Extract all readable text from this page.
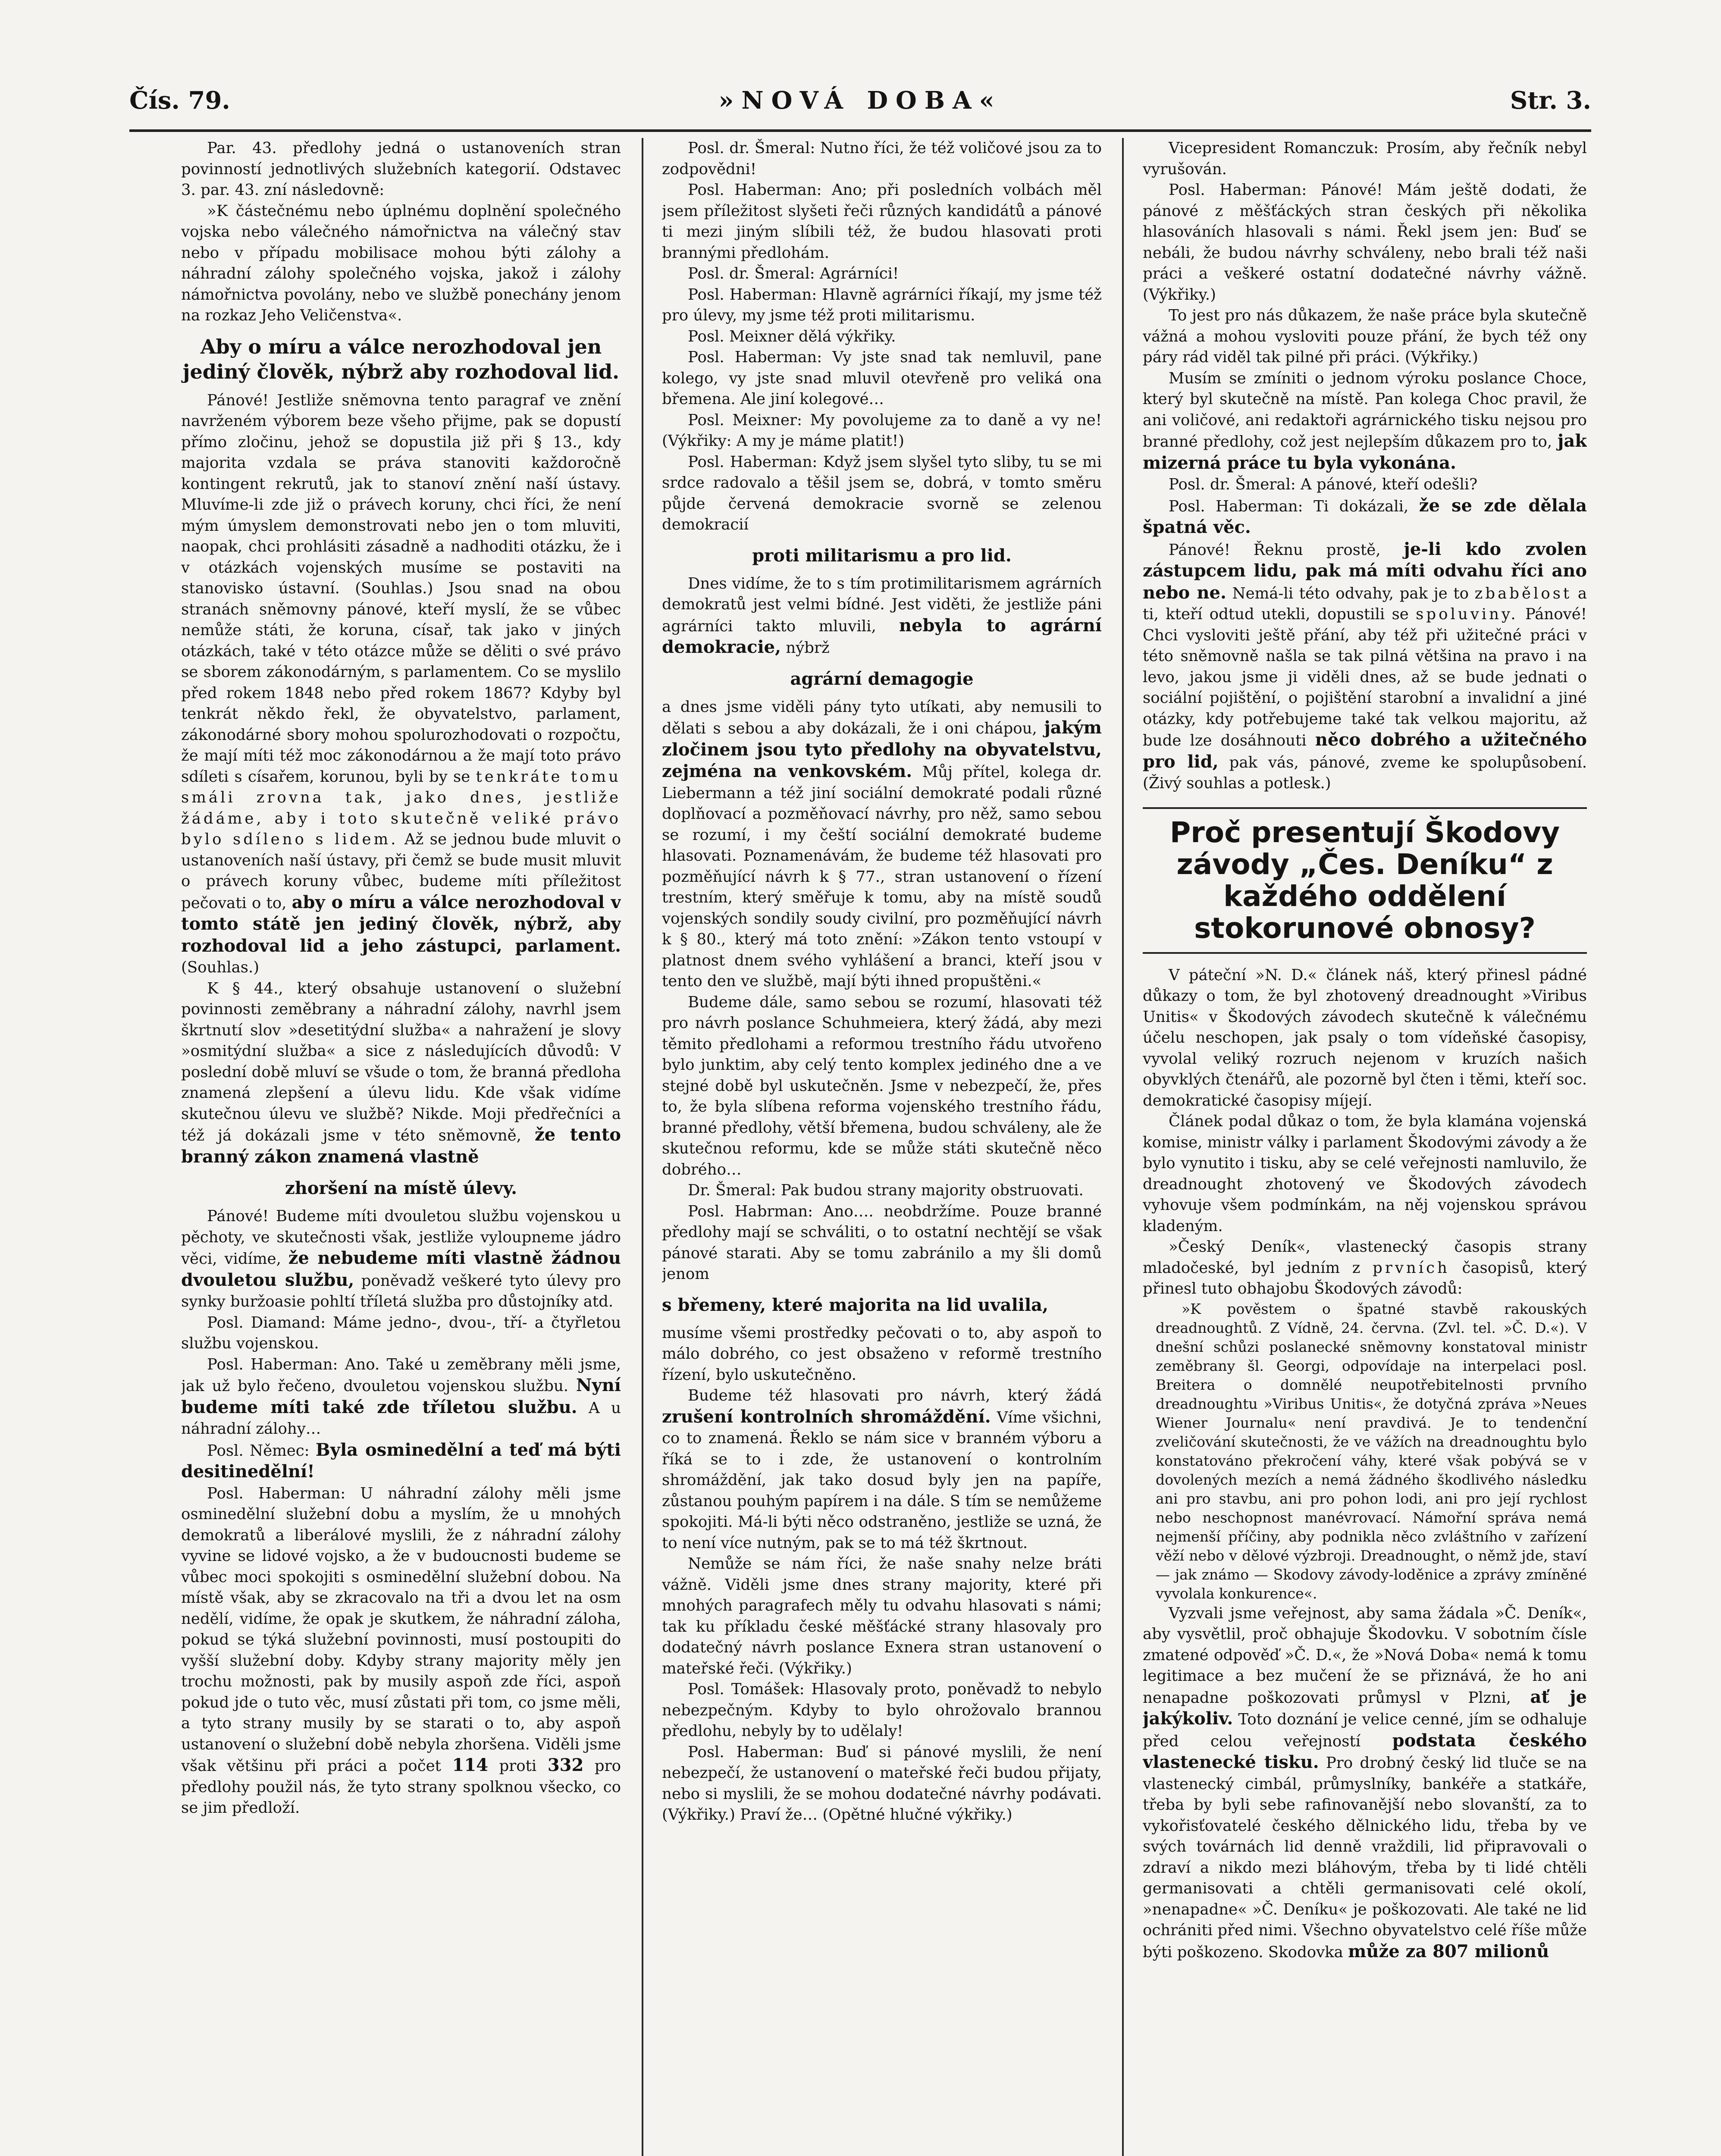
Čís. 79.	»NOVÁ DOBA«	Str. 3.

Par. 43. předlohy jedná o ustanoveních stran povinností jednotlivých služebních kategorií. Odstavec 3. par. 43. zní následovně:

»K částečnému nebo úplnému doplnění společného vojska nebo válečného námořnictva na válečný stav nebo v případu mobilisace mohou býti zálohy a náhradní zálohy společného vojska, jakož i zálohy námořnictva povolány, nebo ve službě ponechány jenom na rozkaz Jeho Veličenstva«.

Aby o míru a válce nerozhodoval jen jediný člověk, nýbrž aby rozhodoval lid.

Pánové! Jestliže sněmovna tento paragraf ve znění navrženém výborem beze všeho přijme, pak se dopustí přímo zločinu, jehož se dopustila již při § 13., kdy majorita vzdala se práva stanoviti každoročně kontingent rekrutů, jak to stanoví znění naší ústavy. Mluvíme-li zde již o právech koruny, chci říci, že není mým úmyslem demonstrovati nebo jen o tom mluviti, naopak, chci prohlásiti zásadně a nadhoditi otázku, že i v otázkách vojenských musíme se postaviti na stanovisko ústavní. (Souhlas.) Jsou snad na obou stranách sněmovny pánové, kteří myslí, že se vůbec nemůže státi, že koruna, císař, tak jako v jiných otázkách, také v této otázce může se děliti o své právo se sborem zákonodárným, s parlamentem. Co se myslilo před rokem 1848 nebo před rokem 1867? Kdyby byl tenkrát někdo řekl, že obyvatelstvo, parlament, zákonodárné sbory mohou spolurozhodovati o rozpočtu, že mají míti též moc zákonodárnou a že mají toto právo sdíleti s císařem, korunou, byli by se tenkráte tomu smáli zrovna tak, jako dnes, jestliže žádáme, aby i toto skutečně veliké právo bylo sdíleno s lidem. Až se jednou bude mluvit o ustanoveních naší ústavy, při čemž se bude musit mluvit o právech koruny vůbec, budeme míti příležitost pečovati o to, aby o míru a válce nerozhodoval v tomto státě jen jediný člověk, nýbrž, aby rozhodoval lid a jeho zástupci, parlament. (Souhlas.)

K § 44., který obsahuje ustanovení o služební povinnosti zeměbrany a náhradní zálohy, navrhl jsem škrtnutí slov »desetitýdní služba« a nahražení je slovy »osmitýdní služba« a sice z následujících důvodů: V poslední době mluví se všude o tom, že branná předloha znamená zlepšení a úlevu lidu. Kde však vidíme skutečnou úlevu ve službě? Nikde. Moji předřečníci a též já dokázali jsme v této sněmovně, že tento branný zákon znamená vlastně

zhoršení na místě úlevy.

Pánové! Budeme míti dvouletou službu vojenskou u pěchoty, ve skutečnosti však, jestliže vyloupneme jádro věci, vidíme, že nebudeme míti vlastně žádnou dvouletou službu, poněvadž veškeré tyto úlevy pro synky buržoasie pohltí tříletá služba pro důstojníky atd.

Posl. Diamand: Máme jedno-, dvou-, tří- a čtyřletou službu vojenskou.

Posl. Haberman: Ano. Také u zeměbrany měli jsme, jak už bylo řečeno, dvouletou vojenskou službu. Nyní budeme míti také zde tříletou službu. A u náhradní zálohy…

Posl. Němec: Byla osminedělní a teď má býti desitinedělní!

Posl. Haberman: U náhradní zálohy měli jsme osminedělní služební dobu a myslím, že u mnohých demokratů a liberálové myslili, že z náhradní zálohy vyvine se lidové vojsko, a že v budoucnosti budeme se vůbec moci spokojiti s osminedělní služební dobou. Na místě však, aby se zkracovalo na tři a dvou let na osm nedělí, vidíme, že opak je skutkem, že náhradní záloha, pokud se týká služební povinnosti, musí postoupiti do vyšší služební doby. Kdyby strany majority měly jen trochu možnosti, pak by musily aspoň zde říci, aspoň pokud jde o tuto věc, musí zůstati při tom, co jsme měli, a tyto strany musily by se starati o to, aby aspoň ustanovení o služební době nebyla zhoršena. Viděli jsme však většinu při práci a počet 114 proti 332 pro předlohy použil nás, že tyto strany spolknou všecko, co se jim předloží.

Posl. dr. Šmeral: Nutno říci, že též voličové jsou za to zodpovědni!

Posl. Haberman: Ano; při posledních volbách měl jsem příležitost slyšeti řeči různých kandidátů a pánové ti mezi jiným slíbili též, že budou hlasovati proti brannými předlohám.

Posl. dr. Šmeral: Agrárníci!

Posl. Haberman: Hlavně agrárníci říkají, my jsme též pro úlevy, my jsme též proti militarismu.

Posl. Meixner dělá výkřiky.

Posl. Haberman: Vy jste snad tak nemluvil, pane kolego, vy jste snad mluvil otevřeně pro veliká ona břemena. Ale jiní kolegové…

Posl. Meixner: My povolujeme za to daně a vy ne! (Výkřiky: A my je máme platit!)

Posl. Haberman: Když jsem slyšel tyto sliby, tu se mi srdce radovalo a těšil jsem se, dobrá, v tomto směru půjde červená demokracie svorně se zelenou demokracií

proti militarismu a pro lid.

Dnes vidíme, že to s tím protimilitarismem agrárních demokratů jest velmi bídné. Jest viděti, že jestliže páni agrárníci takto mluvili, nebyla to agrární demokracie, nýbrž

agrární demagogie

a dnes jsme viděli pány tyto utíkati, aby nemusili to dělati s sebou a aby dokázali, že i oni chápou, jakým zločinem jsou tyto předlohy na obyvatelstvu, zejména na venkovském. Můj přítel, kolega dr. Liebermann a též jiní sociální demokraté podali různé doplňovací a pozměňovací návrhy, pro něž, samo sebou se rozumí, i my čeští sociální demokraté budeme hlasovati. Poznamenávám, že budeme též hlasovati pro pozměňující návrh k § 77., stran ustanovení o řízení trestním, který směřuje k tomu, aby na místě soudů vojenských sondily soudy civilní, pro pozměňující návrh k § 80., který má toto znění: »Zákon tento vstoupí v platnost dnem svého vyhlášení a branci, kteří jsou v tento den ve službě, mají býti ihned propuštěni.«

Budeme dále, samo sebou se rozumí, hlasovati též pro návrh poslance Schuhmeiera, který žádá, aby mezi těmito předlohami a reformou trestního řádu utvořeno bylo junktim, aby celý tento komplex jediného dne a ve stejné době byl uskutečněn. Jsme v nebezpečí, že, přes to, že byla slíbena reforma vojenského trestního řádu, branné předlohy, větší břemena, budou schváleny, ale že skutečnou reformu, kde se může státi skutečně něco dobrého…

Dr. Šmeral: Pak budou strany majority obstruovati.

Posl. Habrman: Ano…. neobdržíme. Pouze branné předlohy mají se schváliti, o to ostatní nechtějí se však pánové starati. Aby se tomu zabránilo a my šli domů jenom

s břemeny, které majorita na lid uvalila,

musíme všemi prostředky pečovati o to, aby aspoň to málo dobrého, co jest obsaženo v reformě trestního řízení, bylo uskutečněno.

Budeme též hlasovati pro návrh, který žádá zrušení kontrolních shromáždění. Víme všichni, co to znamená. Řeklo se nám sice v branném výboru a říká se to i zde, že ustanovení o kontrolním shromáždění, jak tako dosud byly jen na papíře, zůstanou pouhým papírem i na dále. S tím se nemůžeme spokojiti. Má-li býti něco odstraněno, jestliže se uzná, že to není více nutným, pak se to má též škrtnout.

Nemůže se nám říci, že naše snahy nelze bráti vážně. Viděli jsme dnes strany majority, které při mnohých paragrafech měly tu odvahu hlasovati s námi; tak ku příkladu české měšťácké strany hlasovaly pro dodatečný návrh poslance Exnera stran ustanovení o mateřské řeči. (Výkřiky.)

Posl. Tomášek: Hlasovaly proto, poněvadž to nebylo nebezpečným. Kdyby to bylo ohrožovalo brannou předlohu, nebyly by to udělaly!

Posl. Haberman: Buď si pánové myslili, že není nebezpečí, že ustanovení o mateřské řeči budou přijaty, nebo si myslili, že se mohou dodatečné návrhy podávati. (Výkřiky.) Praví že… (Opětné hlučné výkřiky.)

Vicepresident Romanczuk: Prosím, aby řečník nebyl vyrušován.

Posl. Haberman: Pánové! Mám ještě dodati, že pánové z měšťáckých stran českých při několika hlasováních hlasovali s námi. Řekl jsem jen: Buď se nebáli, že budou návrhy schváleny, nebo brali též naši práci a veškeré ostatní dodatečné návrhy vážně. (Výkřiky.)

To jest pro nás důkazem, že naše práce byla skutečně vážná a mohou vysloviti pouze přání, že bych též ony páry rád viděl tak pilné při práci. (Výkřiky.)

Musím se zmíniti o jednom výroku poslance Choce, který byl skutečně na místě. Pan kolega Choc pravil, že ani voličové, ani redaktoři agrárnického tisku nejsou pro branné předlohy, což jest nejlepším důkazem pro to, jak mizerná práce tu byla vykonána.

Posl. dr. Šmeral: A pánové, kteří odešli?

Posl. Haberman: Ti dokázali, že se zde dělala špatná věc.

Pánové! Řeknu prostě, je-li kdo zvolen zástupcem lidu, pak má míti odvahu říci ano nebo ne. Nemá-li této odvahy, pak je to zbabělost a ti, kteří odtud utekli, dopustili se spoluviny. Pánové! Chci vysloviti ještě přání, aby též při užitečné práci v této sněmovně našla se tak pilná většina na pravo i na levo, jakou jsme ji viděli dnes, až se bude jednati o sociální pojištění, o pojištění starobní a invalidní a jiné otázky, kdy potřebujeme také tak velkou majoritu, až bude lze dosáhnouti něco dobrého a užitečného pro lid, pak vás, pánové, zveme ke spolupůsobení. (Živý souhlas a potlesk.)

Proč presentují Škodovy závody „Čes. Deníku“ z každého oddělení stokorunové obnosy?

V páteční »N. D.« článek náš, který přinesl pádné důkazy o tom, že byl zhotovený dreadnought »Viribus Unitis« v Škodových závodech skutečně k válečnému účelu neschopen, jak psaly o tom vídeňské časopisy, vyvolal veliký rozruch nejenom v kruzích našich obyvklých čtenářů, ale pozorně byl čten i těmi, kteří soc. demokratické časopisy míjejí.

Článek podal důkaz o tom, že byla klamána vojenská komise, ministr války i parlament Škodovými závody a že bylo vynutito i tisku, aby se celé veřejnosti namluvilo, že dreadnought zhotovený ve Škodových závodech vyhovuje všem podmínkám, na něj vojenskou správou kladeným.

»Český Deník«, vlastenecký časopis strany mladočeské, byl jedním z prvních časopisů, který přinesl tuto obhajobu Škodových závodů:

»K pověstem o špatné stavbě rakouských dreadnoughtů. Z Vídně, 24. června. (Zvl. tel. »Č. D.«). V dnešní schůzi poslanecké sněmovny konstatoval ministr zeměbrany šl. Georgi, odpovídaje na interpelaci posl. Breitera o domnělé neupotřebitelnosti prvního dreadnoughtu »Viribus Unitis«, že dotyčná zpráva »Neues Wiener Journalu« není pravdivá. Je to tendenční zveličování skutečnosti, že ve vážích na dreadnoughtu bylo konstatováno překročení váhy, které však pobývá se v dovolených mezích a nemá žádného škodlivého následku ani pro stavbu, ani pro pohon lodi, ani pro její rychlost nebo neschopnost manévrovací. Námořní správa nemá nejmenší příčiny, aby podnikla něco zvláštního v zařízení věží nebo v dělové výzbroji. Dreadnought, o němž jde, staví — jak známo — Skodovy závody-loděnice a zprávy zmíněné vyvolala konkurence«.

Vyzvali jsme veřejnost, aby sama žádala »Č. Deník«, aby vysvětlil, proč obhajuje Škodovku. V sobotním čísle zmatené odpověď »Č. D.«, že »Nová Doba« nemá k tomu legitimace a bez mučení že se přiznává, že ho ani nenapadne poškozovati průmysl v Plzni, ať je jakýkoliv. Toto doznání je velice cenné, jím se odhaluje před celou veřejností podstata českého vlastenecké tisku. Pro drobný český lid tluče se na vlastenecký cimbál, průmyslníky, bankéře a statkáře, třeba by byli sebe rafinovanější nebo slovanští, za to vykořisťovatelé českého dělnického lidu, třeba by ve svých továrnách lid denně vraždili, lid připravovali o zdraví a nikdo mezi bláhovým, třeba by ti lidé chtěli germanisovati a chtěli germanisovati celé okolí, »nenapadne« »Č. Deníku« je poškozovati. Ale také ne lid ochrániti před nimi. Všechno obyvatelstvo celé říše může býti poškozeno. Skodovka může za 807 milionů
